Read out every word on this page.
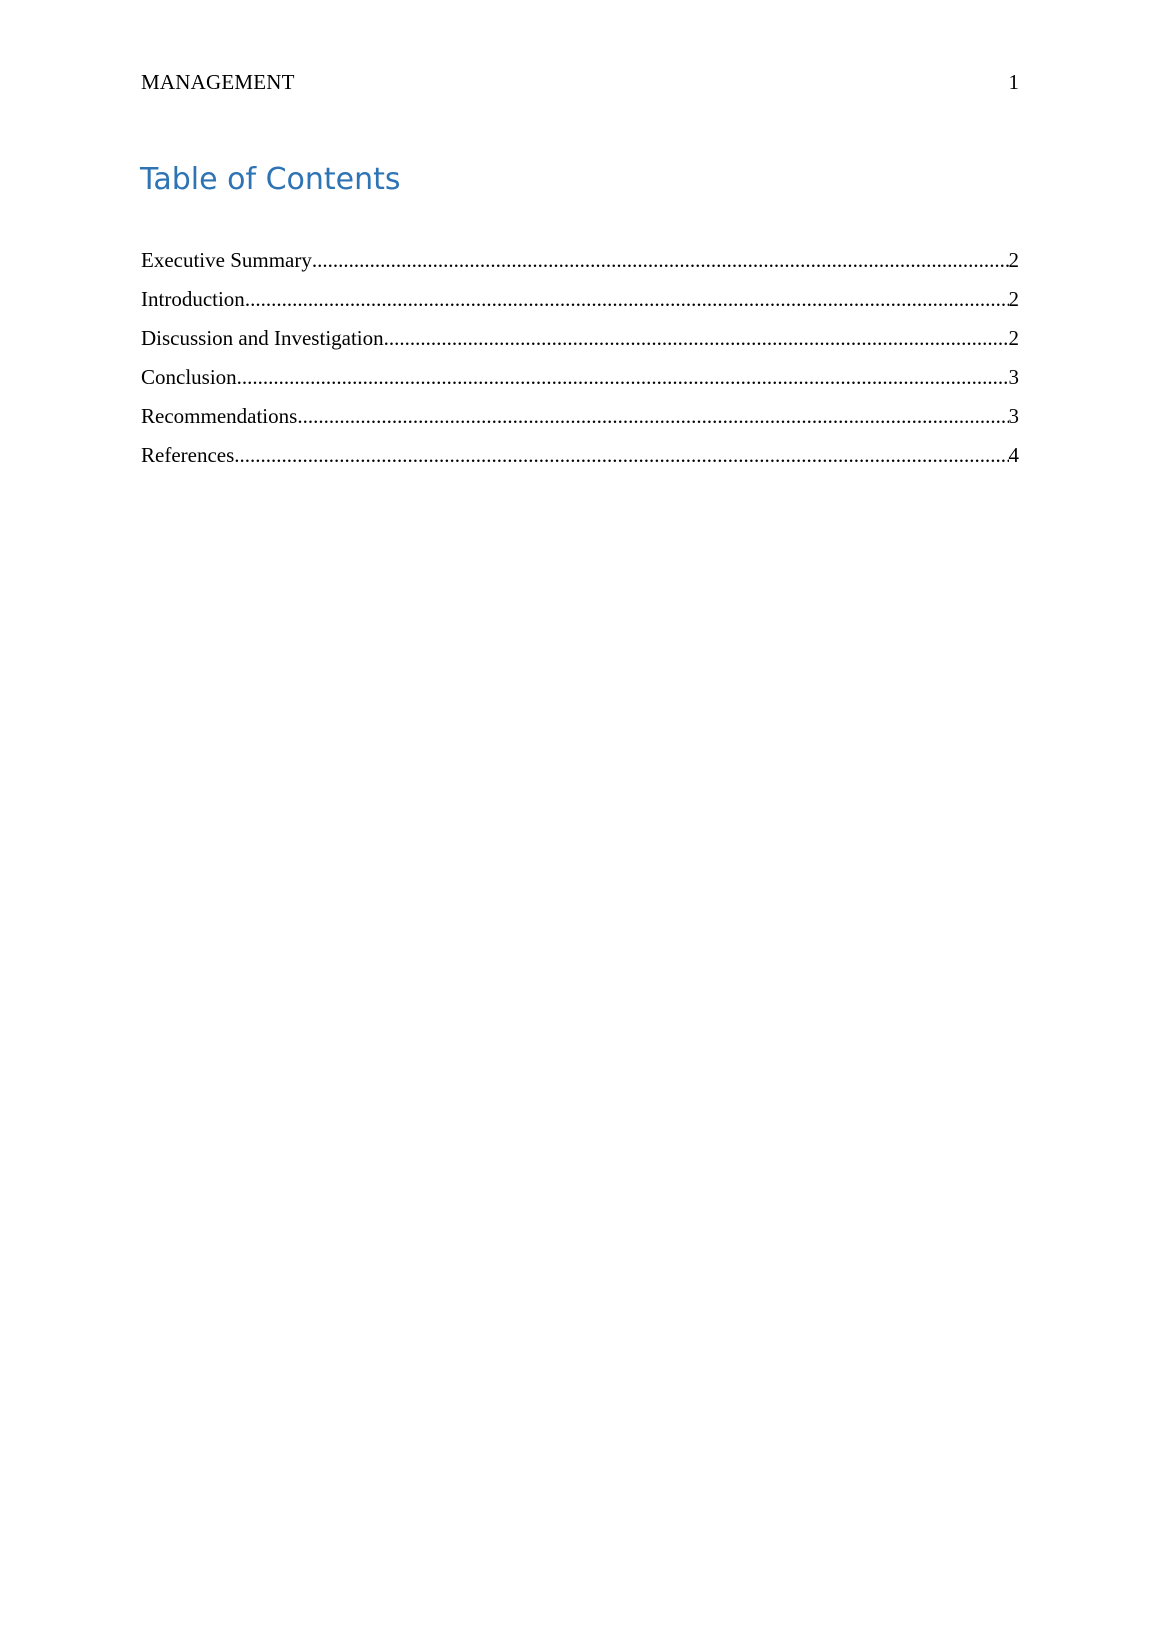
MANAGEMENT	1
Table of Contents
Executive Summary .....	2
Introduction .....	2
Discussion and Investigation .....	2
Conclusion .....	3
Recommendations .....	3
References .....	4
